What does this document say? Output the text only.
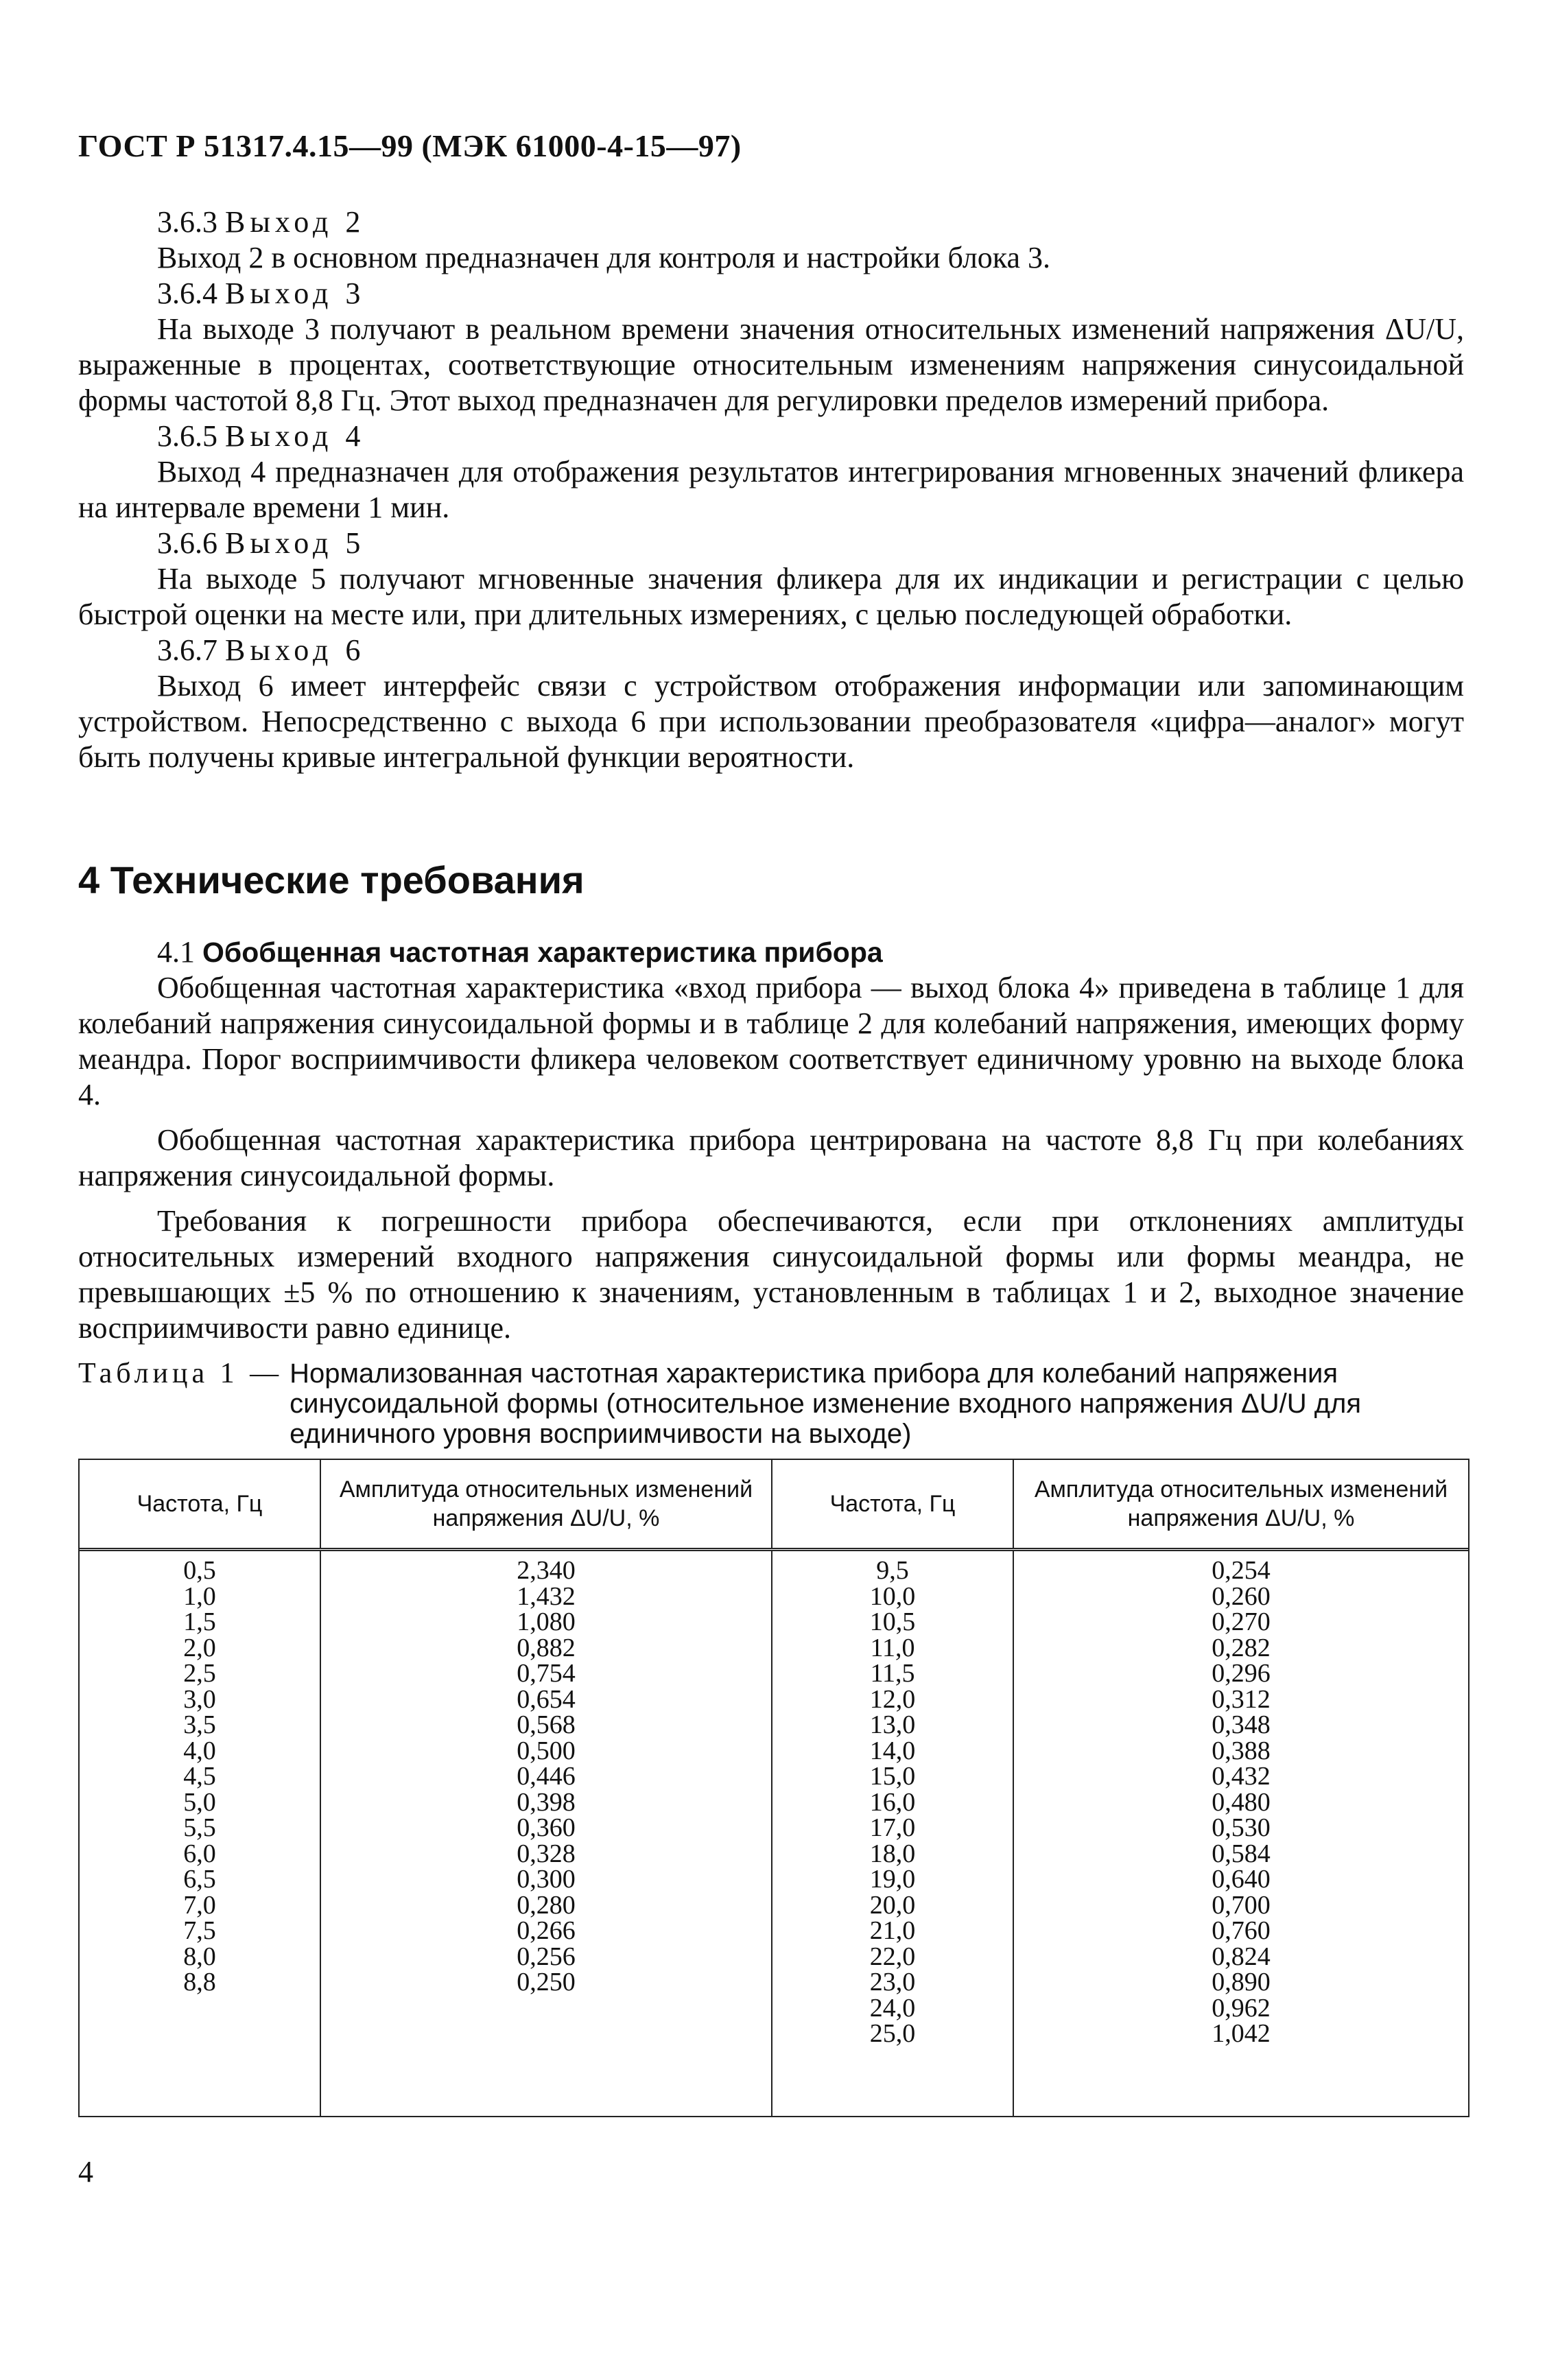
ГОСТ Р 51317.4.15—99 (МЭК 61000-4-15—97)

3.6.3 Выход 2

Выход 2 в основном предназначен для контроля и настройки блока 3.

3.6.4 Выход 3

На выходе 3 получают в реальном времени значения относительных изменений напряжения ΔU/U, выраженные в процентах, соответствующие относительным изменениям напряжения синусоидальной формы частотой 8,8 Гц. Этот выход предназначен для регулировки пределов измерений прибора.

3.6.5 Выход 4

Выход 4 предназначен для отображения результатов интегрирования мгновенных значений фликера на интервале времени 1 мин.

3.6.6 Выход 5

На выходе 5 получают мгновенные значения фликера для их индикации и регистрации с целью быстрой оценки на месте или, при длительных измерениях, с целью последующей обработки.

3.6.7 Выход 6

Выход 6 имеет интерфейс связи с устройством отображения информации или запоминающим устройством. Непосредственно с выхода 6 при использовании преобразователя «цифра—аналог» могут быть получены кривые интегральной функции вероятности.

4 Технические требования

4.1 Обобщенная частотная характеристика прибора

Обобщенная частотная характеристика «вход прибора — выход блока 4» приведена в таблице 1 для колебаний напряжения синусоидальной формы и в таблице 2 для колебаний напряжения, имеющих форму меандра. Порог восприимчивости фликера человеком соответствует единичному уровню на выходе блока 4.

Обобщенная частотная характеристика прибора центрирована на частоте 8,8 Гц при колебаниях напряжения синусоидальной формы.

Требования к погрешности прибора обеспечиваются, если при отклонениях амплитуды относительных измерений входного напряжения синусоидальной формы или формы меандра, не превышающих ±5 % по отношению к значениям, установленным в таблицах 1 и 2, выходное значение восприимчивости равно единице.

Таблица 1 — Нормализованная частотная характеристика прибора для колебаний напряжения синусоидальной формы (относительное изменение входного напряжения ΔU/U для единичного уровня восприимчивости на выходе)
Частота, Гц
Амплитуда относительных изменений напряжения ΔU/U, %
Частота, Гц
Амплитуда относительных изменений напряжения ΔU/U, %
0,5
1,0
1,5
2,0
2,5
3,0
3,5
4,0
4,5
5,0
5,5
6,0
6,5
7,0
7,5
8,0
8,8
2,340
1,432
1,080
0,882
0,754
0,654
0,568
0,500
0,446
0,398
0,360
0,328
0,300
0,280
0,266
0,256
0,250
9,5
10,0
10,5
11,0
11,5
12,0
13,0
14,0
15,0
16,0
17,0
18,0
19,0
20,0
21,0
22,0
23,0
24,0
25,0
0,254
0,260
0,270
0,282
0,296
0,312
0,348
0,388
0,432
0,480
0,530
0,584
0,640
0,700
0,760
0,824
0,890
0,962
1,042
4
